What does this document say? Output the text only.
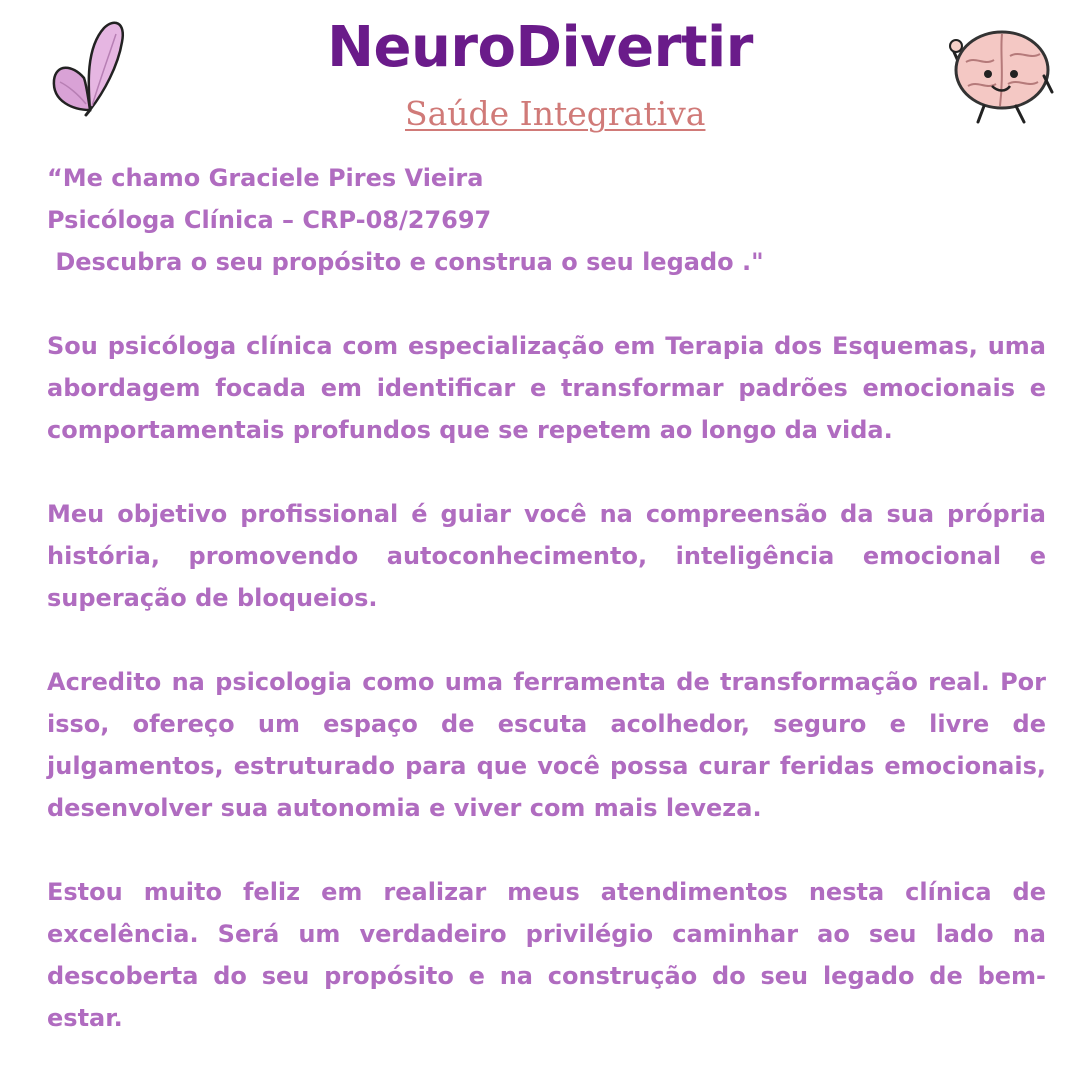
NeuroDivertir
Saúde Integrativa

“Me chamo Graciele Pires Vieira

Psicóloga Clínica – CRP-08/27697

Descubra o seu propósito e construa o seu legado ."

Sou psicóloga clínica com especialização em Terapia dos Esquemas, uma abordagem focada em identificar e transformar padrões emocionais e comportamentais profundos que se repetem ao longo da vida.

Meu objetivo profissional é guiar você na compreensão da sua própria história, promovendo autoconhecimento, inteligência emocional e superação de bloqueios.

Acredito na psicologia como uma ferramenta de transformação real. Por isso, ofereço um espaço de escuta acolhedor, seguro e livre de julgamentos, estruturado para que você possa curar feridas emocionais, desenvolver sua autonomia e viver com mais leveza.

Estou muito feliz em realizar meus atendimentos nesta clínica de excelência. Será um verdadeiro privilégio caminhar ao seu lado na descoberta do seu propósito e na construção do seu legado de bem-estar.
